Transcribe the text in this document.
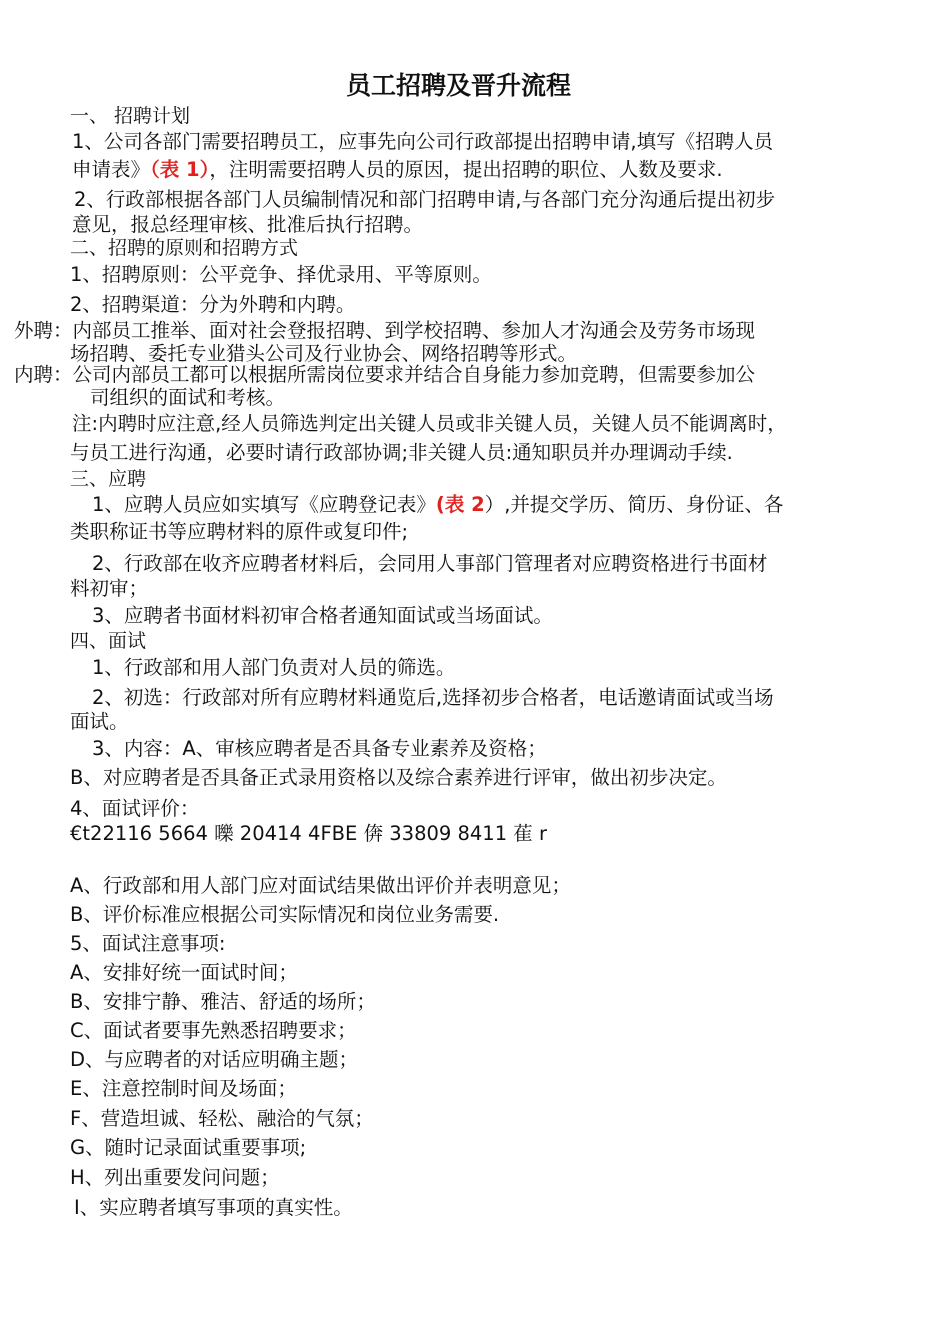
员工招聘及晋升流程
一、 招聘计划
1、公司各部门需要招聘员工，应事先向公司行政部提出招聘申请,填写《招聘人员
申请表》（表 1），注明需要招聘人员的原因，提出招聘的职位、人数及要求.
2、行政部根据各部门人员编制情况和部门招聘申请,与各部门充分沟通后提出初步
意见，报总经理审核、批准后执行招聘。
二、招聘的原则和招聘方式
1、招聘原则：公平竞争、择优录用、平等原则。
2、招聘渠道：分为外聘和内聘。
外聘：内部员工推举、面对社会登报招聘、到学校招聘、参加人才沟通会及劳务市场现
场招聘、委托专业猎头公司及行业协会、网络招聘等形式。
内聘：公司内部员工都可以根据所需岗位要求并结合自身能力参加竞聘，但需要参加公
司组织的面试和考核。
注:内聘时应注意,经人员筛选判定出关键人员或非关键人员，关键人员不能调离时，
与员工进行沟通，必要时请行政部协调;非关键人员:通知职员并办理调动手续.
三、应聘
1、应聘人员应如实填写《应聘登记表》(表 2）,并提交学历、简历、身份证、各
类职称证书等应聘材料的原件或复印件;
2、行政部在收齐应聘者材料后，会同用人事部门管理者对应聘资格进行书面材
料初审；
3、应聘者书面材料初审合格者通知面试或当场面试。
四、面试
1、行政部和用人部门负责对人员的筛选。
2、初选：行政部对所有应聘材料通览后,选择初步合格者，电话邀请面试或当场
面试。
3、内容：A、审核应聘者是否具备专业素养及资格；
B、对应聘者是否具备正式录用资格以及综合素养进行评审，做出初步决定。
4、面试评价：
€t22116 5664 嚛 20414 4FBE 倴 33809 8411 萑 r
A、行政部和用人部门应对面试结果做出评价并表明意见；
B、评价标准应根据公司实际情况和岗位业务需要.
5、面试注意事项:
A、安排好统一面试时间；
B、安排宁静、雅洁、舒适的场所；
C、面试者要事先熟悉招聘要求；
D、与应聘者的对话应明确主题；
E、注意控制时间及场面；
F、营造坦诚、轻松、融洽的气氛；
G、随时记录面试重要事项;
H、列出重要发问问题；
I、实应聘者填写事项的真实性。
